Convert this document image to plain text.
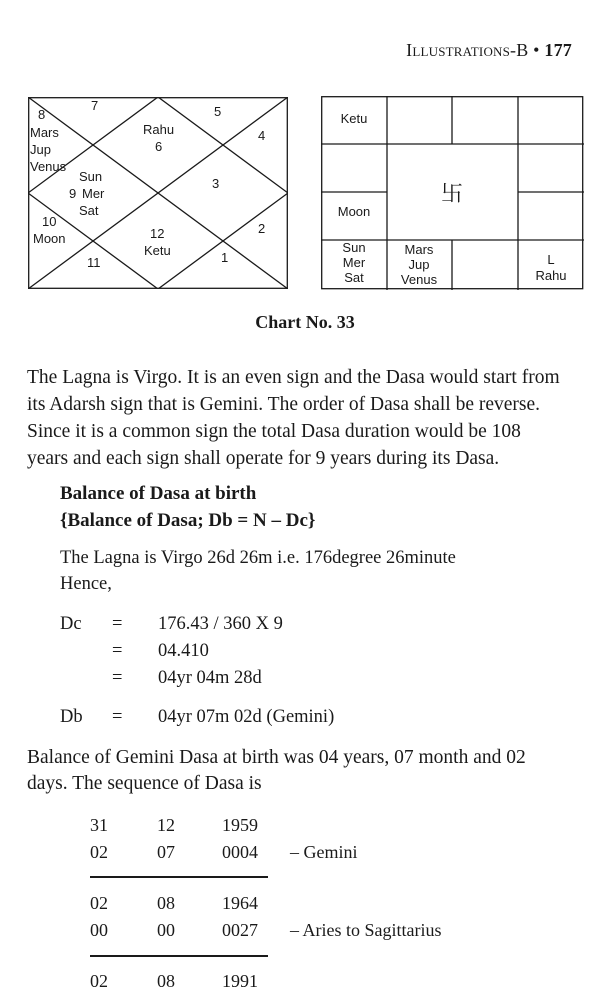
Illustrations-B • 177
8
Mars
Jup
Venus
7	5
4
Rahu
6
Sun
9 Mer
Sat
3
10
Moon	12
Ketu
2
11	1
Ketu
Moon
Sun
Mer
Sat
Mars
Jup
Venus
L
Rahu
卐
Chart No. 33
The Lagna is Virgo. It is an even sign and the Dasa would start from
its Adarsh sign that is Gemini. The order of Dasa shall be reverse.
Since it is a common sign the total Dasa duration would be 108
years and each sign shall operate for 9 years during its Dasa.
Balance of Dasa at birth
{Balance of Dasa; Db = N – Dc}
The Lagna is Virgo 26d 26m i.e. 176degree 26minute
Hence,
Dc = 176.43 / 360 X 9
= 04.410
= 04yr 04m 28d
Db = 04yr 07m 02d (Gemini)
Balance of Gemini Dasa at birth was 04 years, 07 month and 02
days. The sequence of Dasa is
31	12	1959
02	07	0004 – Gemini
02	08	1964
00	00	0027 – Aries to Sagittarius
02	08	1991
